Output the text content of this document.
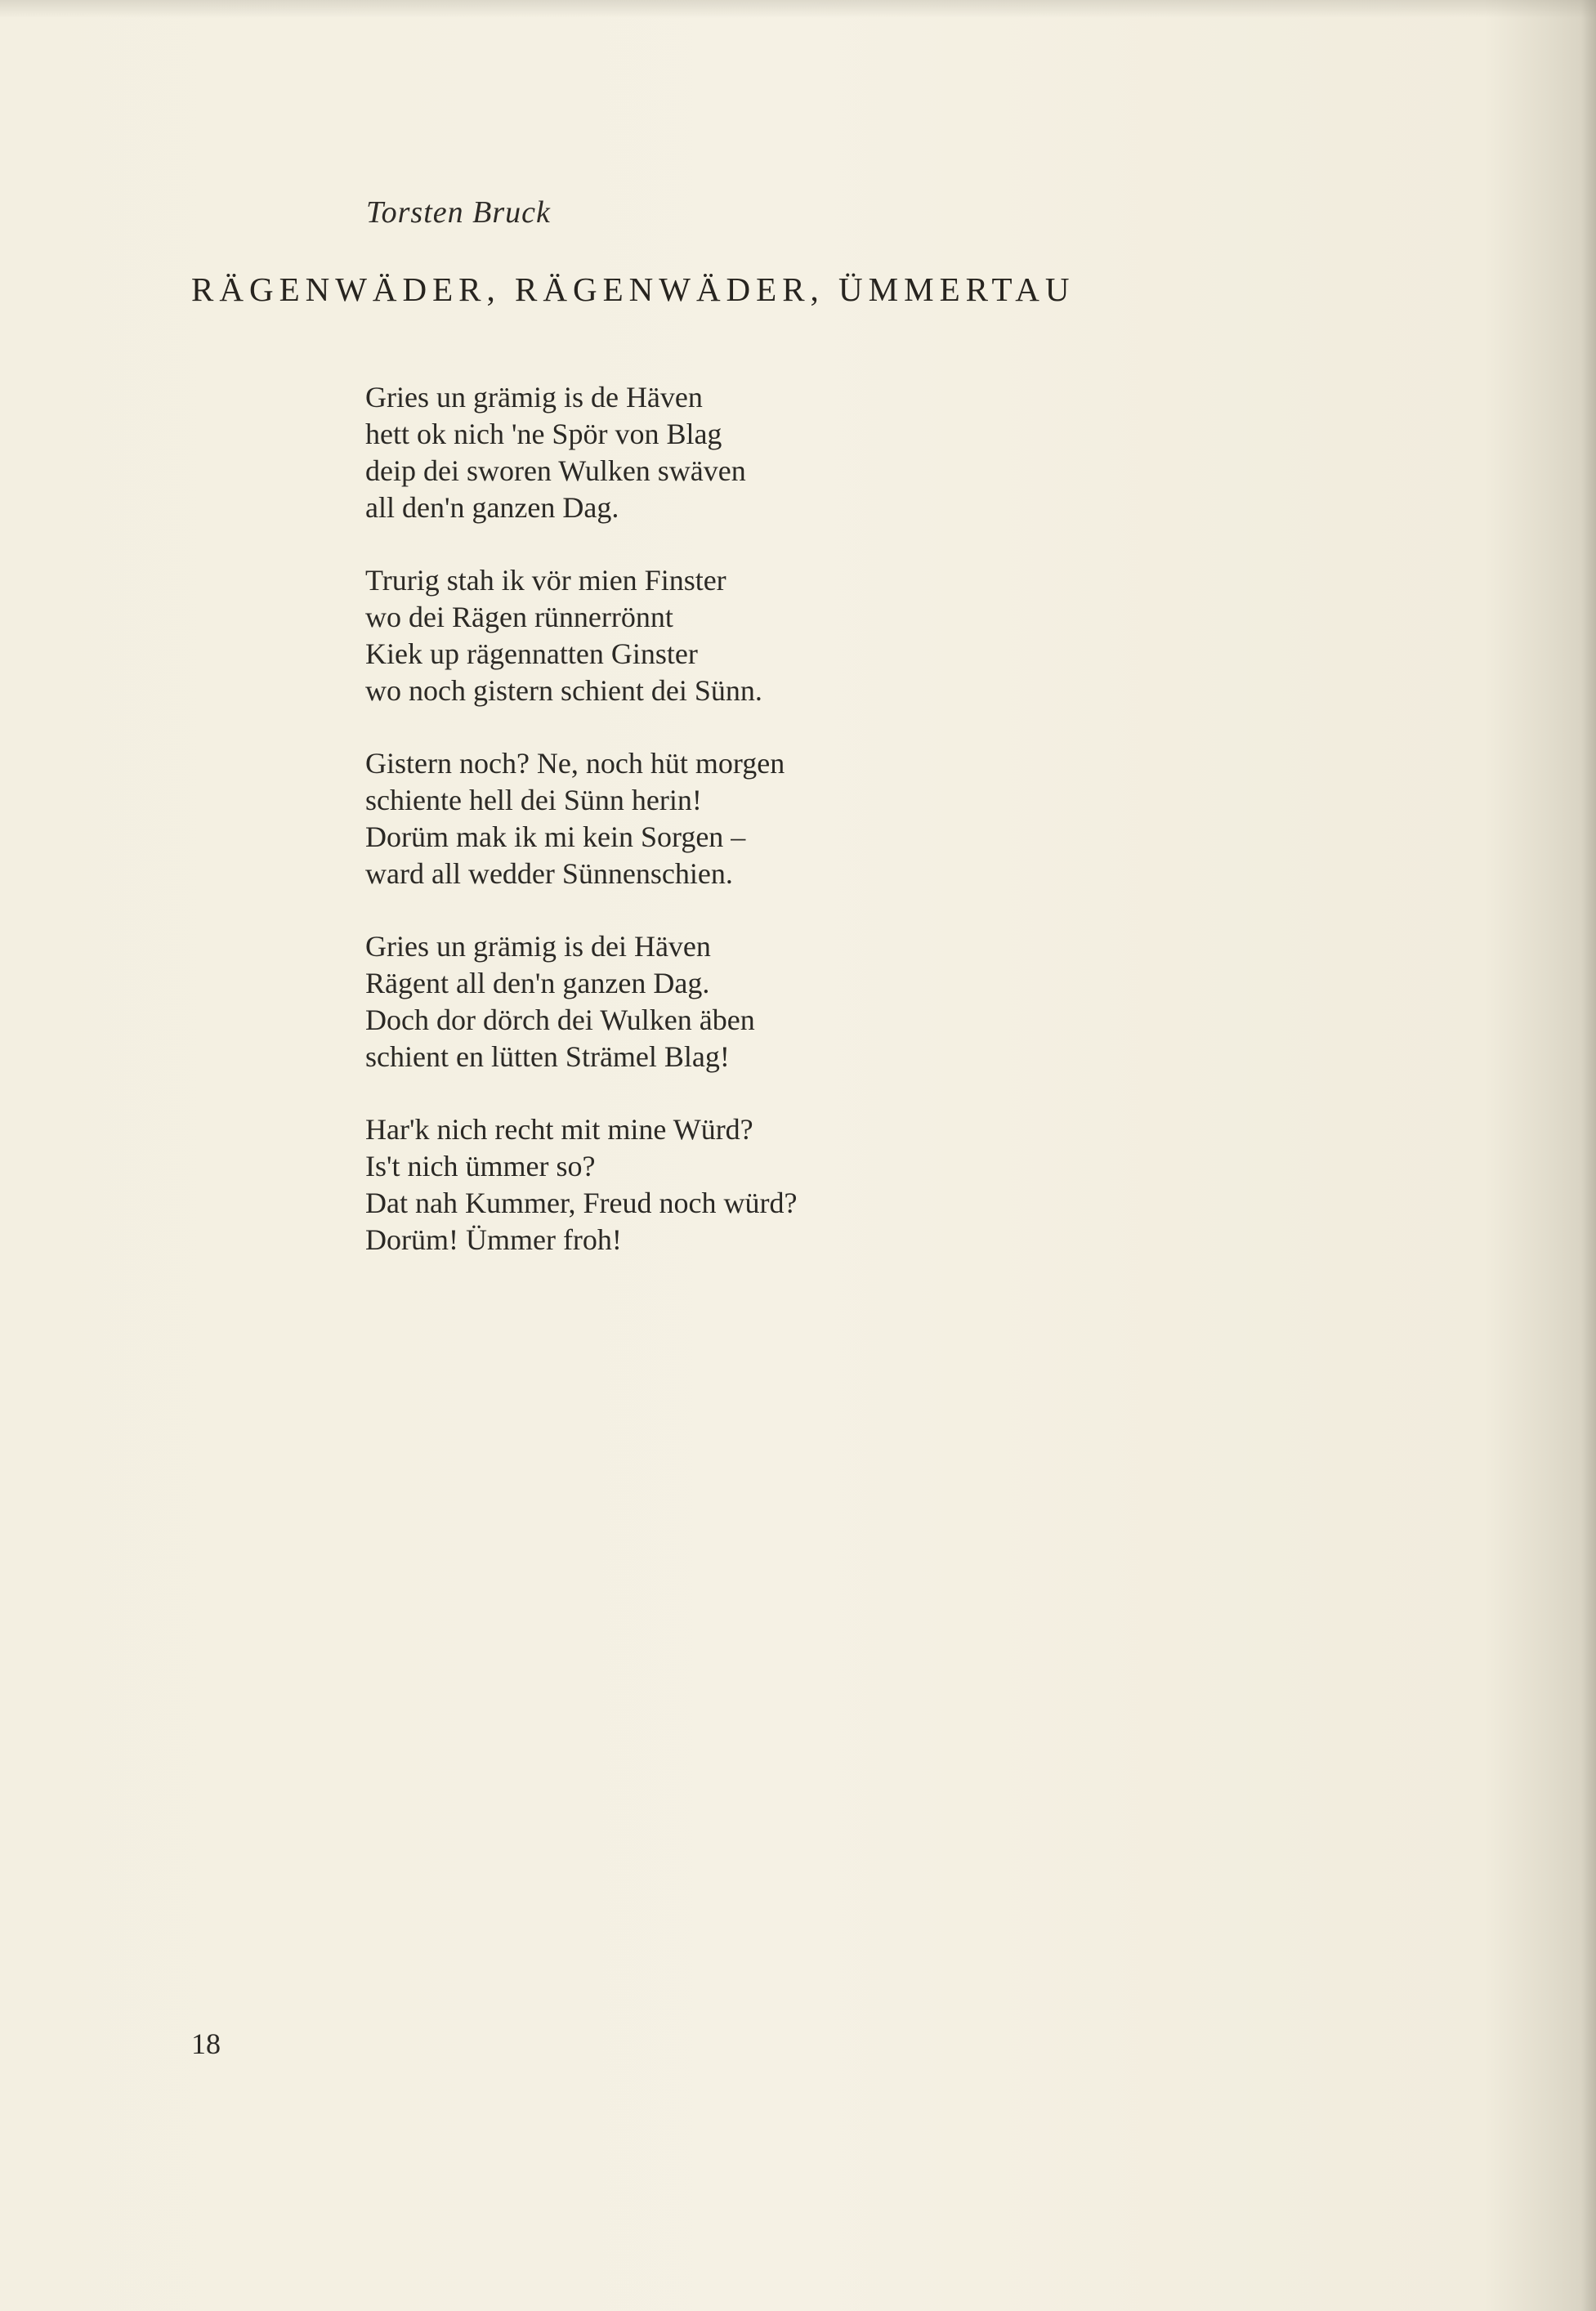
Torsten Bruck
RÄGENWÄDER, RÄGENWÄDER, ÜMMERTAU
Gries un grämig is de Häven
hett ok nich 'ne Spör von Blag
deip dei sworen Wulken swäven
all den'n ganzen Dag.
Trurig stah ik vör mien Finster
wo dei Rägen rünnerrönnt
Kiek up rägennatten Ginster
wo noch gistern schient dei Sünn.
Gistern noch? Ne, noch hüt morgen
schiente hell dei Sünn herin!
Dorüm mak ik mi kein Sorgen –
ward all wedder Sünnenschien.
Gries un grämig is dei Häven
Rägent all den'n ganzen Dag.
Doch dor dörch dei Wulken äben
schient en lütten Strämel Blag!
Har'k nich recht mit mine Würd?
Is't nich ümmer so?
Dat nah Kummer, Freud noch würd?
Dorüm! Ümmer froh!
18
